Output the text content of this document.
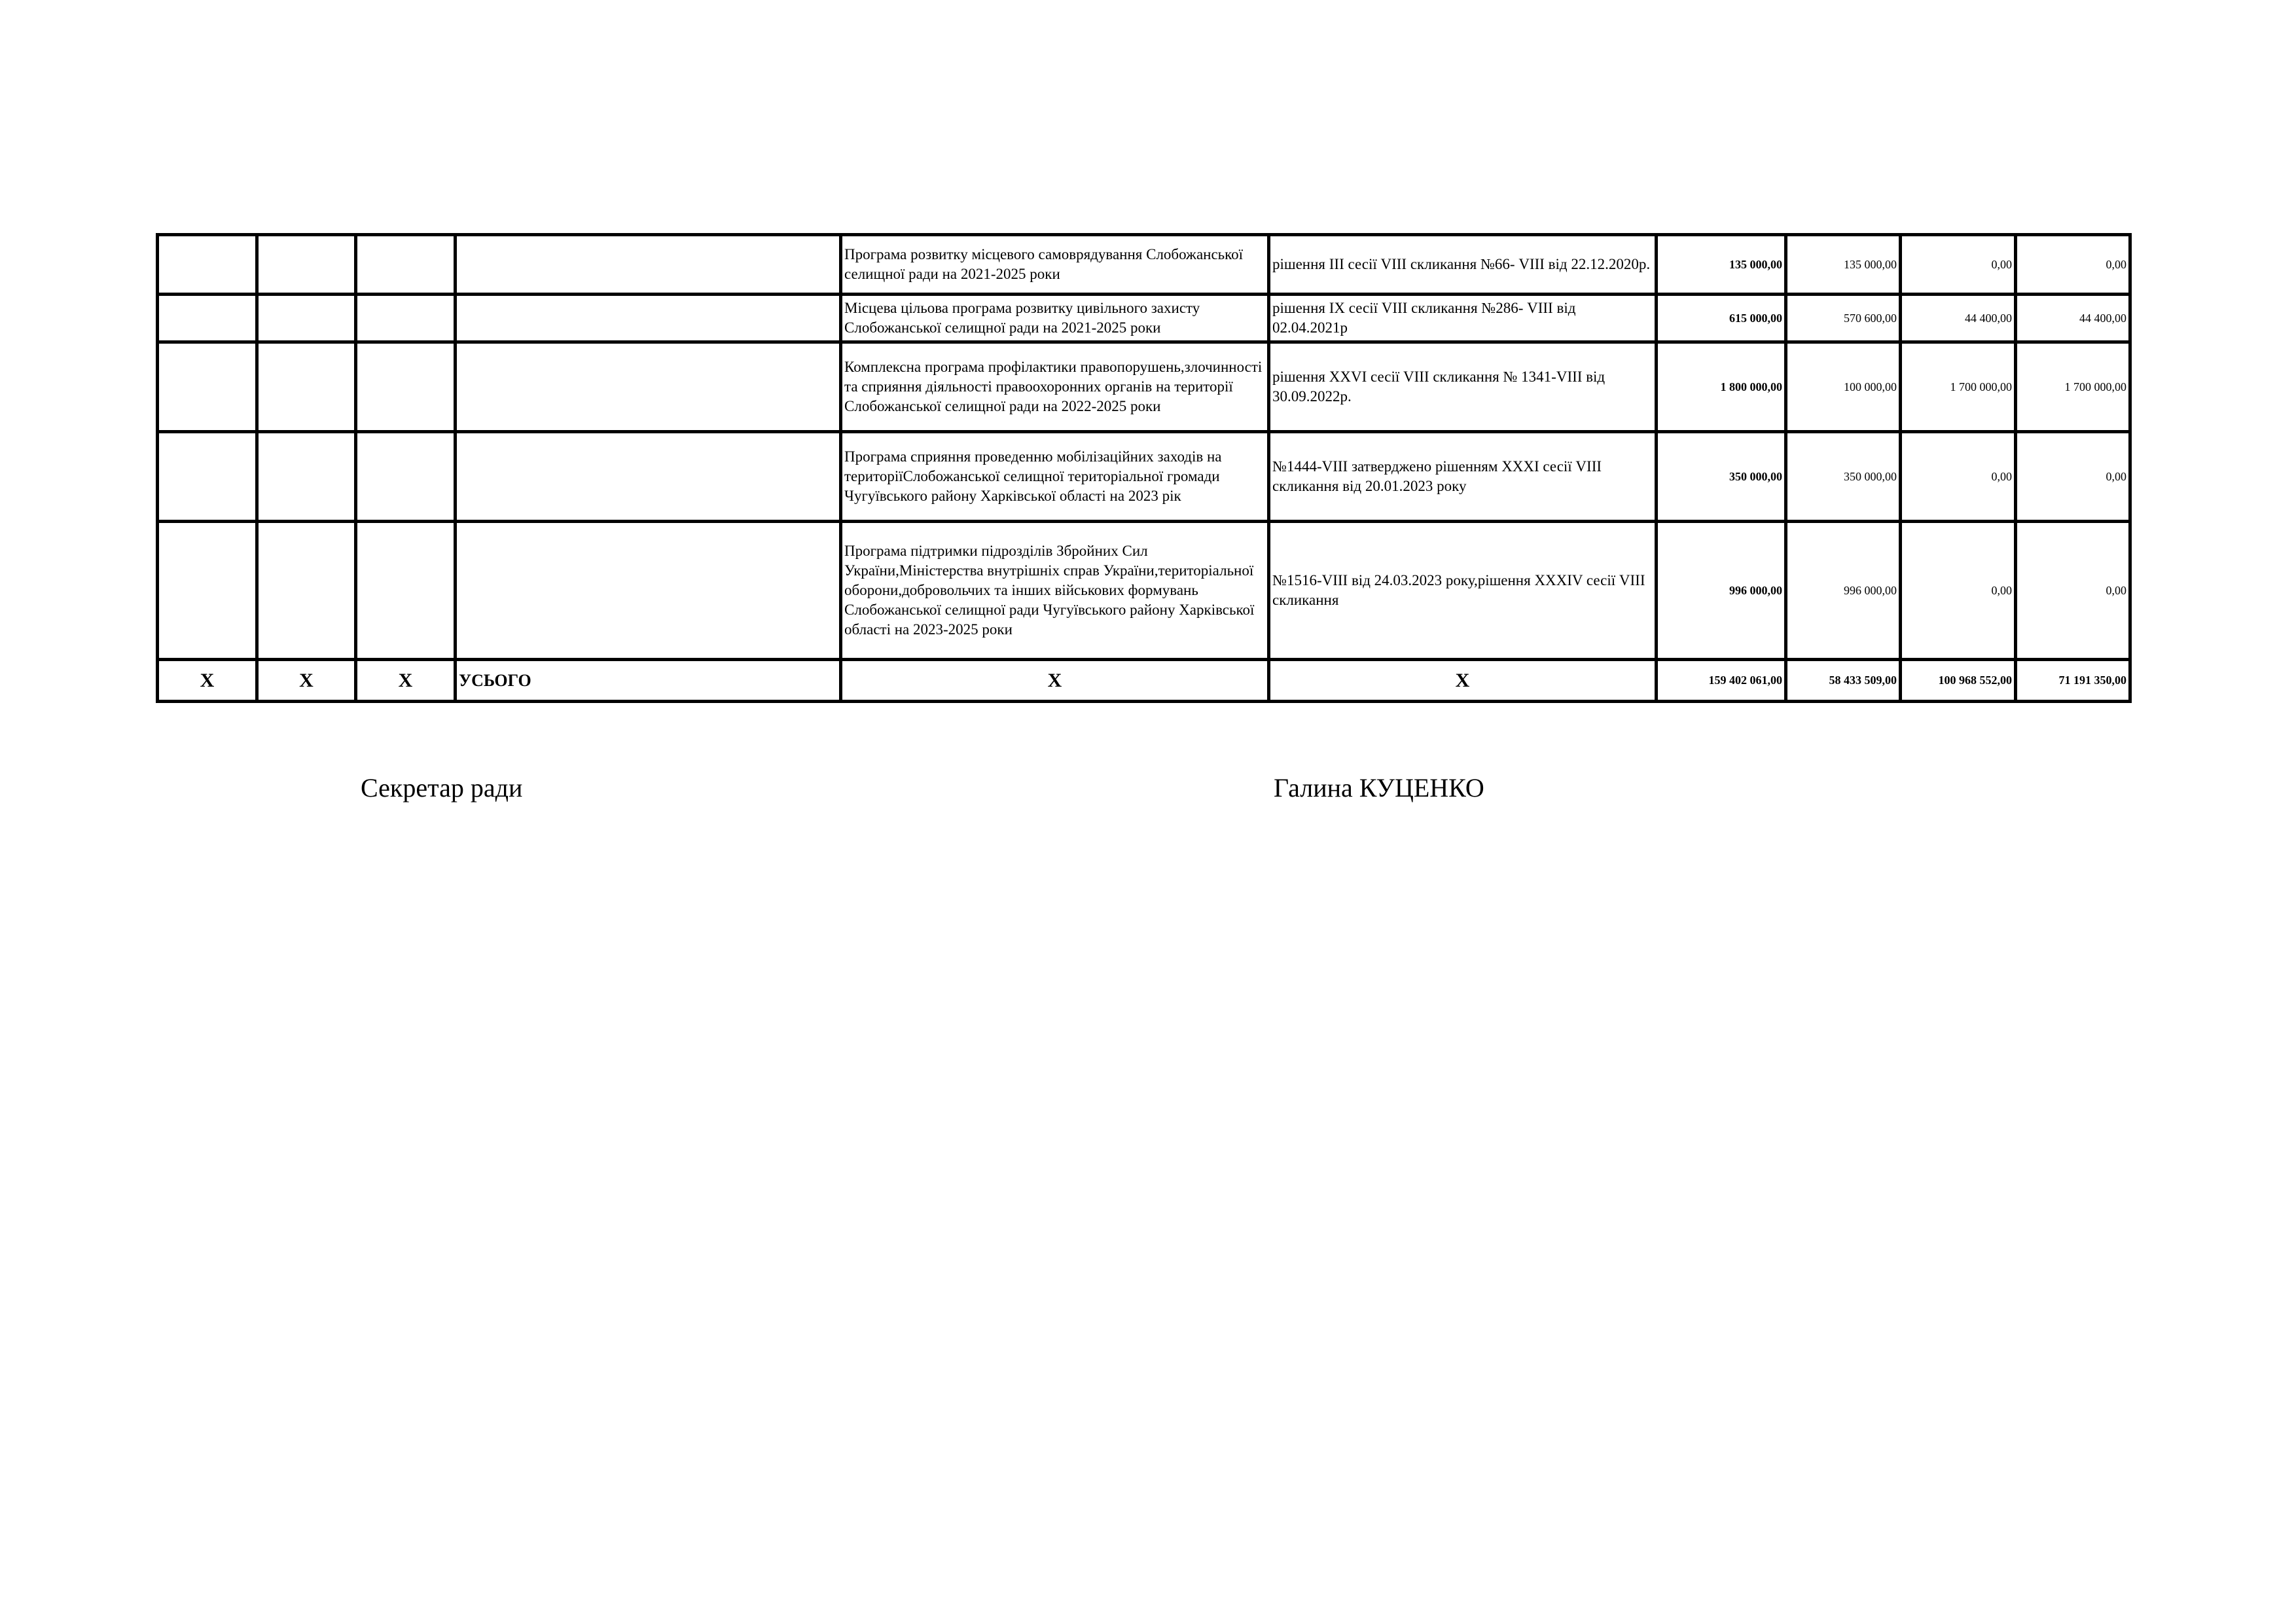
				Програма розвитку місцевого самоврядування Слобожанської селищної ради на 2021-2025 роки	рішення ІІІ сесії VІІІ скликання №66- VІІІ від 22.12.2020р.	135 000,00	135 000,00	0,00	0,00
				Місцева цільова програма розвитку цивільного захисту Слобожанської селищної ради на 2021-2025 роки	рішення ІХ сесії VІІІ скликання №286- VІІІ від 02.04.2021р	615 000,00	570 600,00	44 400,00	44 400,00
				Комплексна програма профілактики правопорушень,злочинності та сприяння діяльності правоохоронних органів на території Слобожанської селищної ради на 2022-2025 роки	рішення ХХVІ сесії VІІІ скликання № 1341-VІІІ від 30.09.2022р.	1 800 000,00	100 000,00	1 700 000,00	1 700 000,00
				Програма сприяння проведенню мобілізаційних заходів на територіїСлобожанської селищної територіальної громади Чугуївського району Харківської області на 2023 рік	№1444-VІІІ затверджено рішенням ХХХІ сесії VІІІ скликання від 20.01.2023 року	350 000,00	350 000,00	0,00	0,00
				Програма підтримки підрозділів Збройних Сил України,Міністерства внутрішніх справ України,територіальної оборони,добровольчих та інших військових формувань Слобожанської селищної ради Чугуївського району Харківської області на 2023-2025 роки	№1516-VІІІ від 24.03.2023 року,рішення ХХХІV сесії VІІІ скликання	996 000,00	996 000,00	0,00	0,00
Х	Х	Х	УСЬОГО	Х	Х	159 402 061,00	58 433 509,00	100 968 552,00	71 191 350,00
Секретар ради	Галина КУЦЕНКО
